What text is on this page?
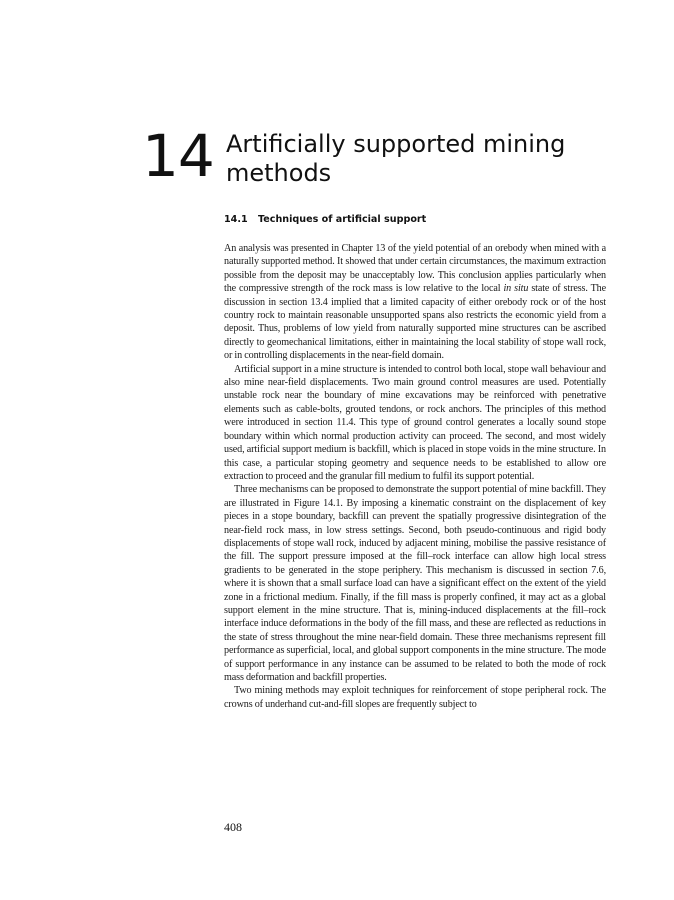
14 Artificially supported mining methods
14.1 Techniques of artificial support

An analysis was presented in Chapter 13 of the yield potential of an orebody when mined with a naturally supported method. It showed that under certain circumstances, the maximum extraction possible from the deposit may be unacceptably low. This conclusion applies particularly when the compressive strength of the rock mass is low relative to the local in situ state of stress. The discussion in section 13.4 implied that a limited capacity of either orebody rock or of the host country rock to maintain reasonable unsupported spans also restricts the economic yield from a deposit. Thus, problems of low yield from naturally supported mine structures can be ascribed directly to geomechanical limitations, either in maintaining the local stability of stope wall rock, or in controlling displacements in the near-field domain.

Artificial support in a mine structure is intended to control both local, stope wall behaviour and also mine near-field displacements. Two main ground control measures are used. Potentially unstable rock near the boundary of mine excavations may be reinforced with penetrative elements such as cable-bolts, grouted tendons, or rock anchors. The principles of this method were introduced in section 11.4. This type of ground control generates a locally sound stope boundary within which normal production activity can proceed. The second, and most widely used, artificial support medium is backfill, which is placed in stope voids in the mine structure. In this case, a particular stoping geometry and sequence needs to be established to allow ore extraction to proceed and the granular fill medium to fulfil its support potential.

Three mechanisms can be proposed to demonstrate the support potential of mine backfill. They are illustrated in Figure 14.1. By imposing a kinematic constraint on the displacement of key pieces in a stope boundary, backfill can prevent the spatially progressive disintegration of the near-field rock mass, in low stress settings. Second, both pseudo-continuous and rigid body displacements of stope wall rock, induced by adjacent mining, mobilise the passive resistance of the fill. The support pressure imposed at the fill–rock interface can allow high local stress gradients to be generated in the stope periphery. This mechanism is discussed in section 7.6, where it is shown that a small surface load can have a significant effect on the extent of the yield zone in a frictional medium. Finally, if the fill mass is properly confined, it may act as a global support element in the mine structure. That is, mining-induced displacements at the fill–rock interface induce deformations in the body of the fill mass, and these are reflected as reductions in the state of stress throughout the mine near-field domain. These three mechanisms represent fill performance as superficial, local, and global support components in the mine structure. The mode of support performance in any instance can be assumed to be related to both the mode of rock mass deformation and backfill properties.

Two mining methods may exploit techniques for reinforcement of stope peripheral rock. The crowns of underhand cut-and-fill slopes are frequently subject to

408
